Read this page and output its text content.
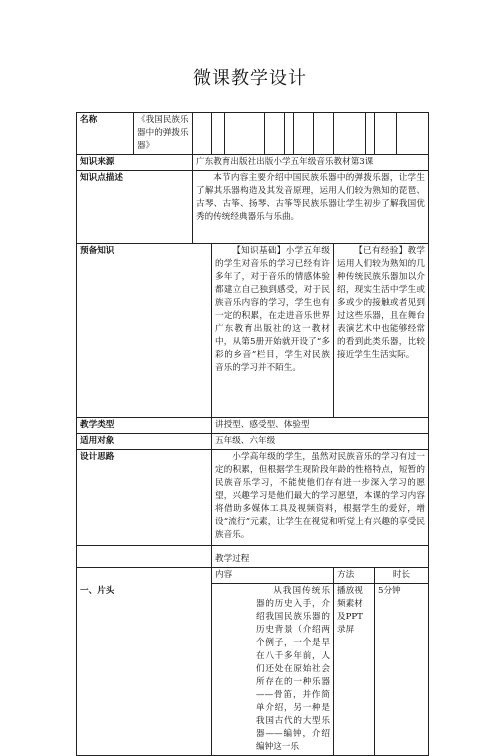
微课教学设计
名称	《我国民族乐器中的弹拨乐器》											
知识来源		广东教育出版社出版小学五年级音乐教材第3课										
知识点描述		本节内容主要介绍中国民族乐器中的弹拨乐器，让学生了解其乐器构造及其发音原理，运用人们较为熟知的琵琶、古琴、古筝、扬琴、古筝等民族乐器让学生初步了解我国优秀的传统经典器乐与乐曲。										
预备知识			【知识基础】小学五年级的学生对音乐的学习已经有许多年了，对于音乐的情感体验都建立自己独到感受，对于民族音乐内容的学习，学生也有一定的积累，在走进音乐世界广东教育出版社的这一教材中，从第5册开始就开设了“多彩的乡音”栏目，学生对民族音乐的学习并不陌生。						【已有经验】教学运用人们较为熟知的几种传统民族乐器加以介绍，现实生活中学生或多或少的接触或者见到过这些乐器，且在舞台表演艺术中也能够经常的看到此类乐器，比较接近学生生活实际。			
教学类型			讲授型、感受型、体验型									
适用对象			五年级、六年级									
设计思路			小学高年级的学生，虽然对民族音乐的学习有过一定的积累，但根据学生现阶段年龄的性格特点，短暂的民族音乐学习，不能使他们存有进一步深入学习的愿望，兴趣学习是他们最大的学习愿望，本课的学习内容将借助多媒体工具及视频资料，根据学生的爱好，增设“流行”元素，让学生在视觉和听觉上有兴趣的享受民族音乐。									
			教学过程									
			内容						方法		时长	
一、片头			从我国传统乐器的历史入手，介绍我国民族乐器的历史背景（介绍两个例子，一个是早在八千多年前，人们还处在原始社会所存在的一种乐器——骨笛，并作简单介绍，另一种是我国古代的大型乐器——编钟，介绍编钟这一乐						播放视频素材及PPT录屏		5分钟	
